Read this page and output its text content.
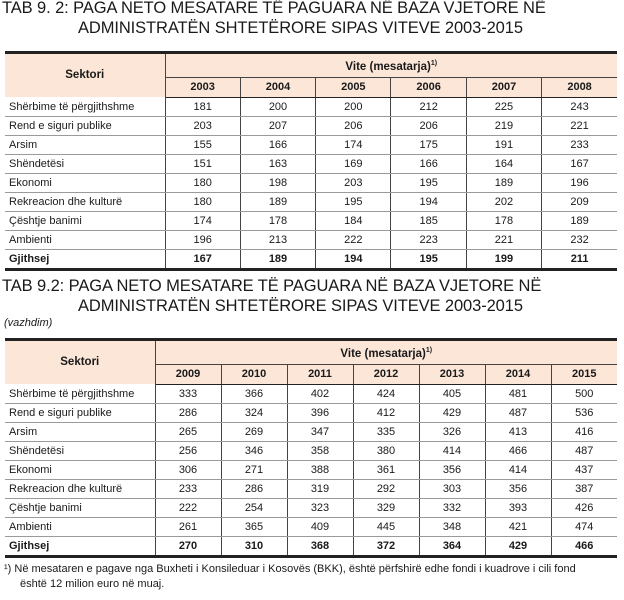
TAB 9. 2: PAGA NETO MESATARE TË PAGUARA NË BAZA VJETORE NË
ADMINISTRATËN SHTETËRORE SIPAS VITEVE 2003-2015
Sektori	Vite (mesatarja)$^{1)}$
	2003	2004	2005	2006	2007	2008
Shërbime të përgjithshme	181	200	200	212	225	243
Rend e siguri publike	203	207	206	206	219	221
Arsim	155	166	174	175	191	233
Shëndetësi	151	163	169	166	164	167
Ekonomi	180	198	203	195	189	196
Rekreacion dhe kulturë	180	189	195	194	202	209
Çështje banimi	174	178	184	185	178	189
Ambienti	196	213	222	223	221	232
Gjithsej	167	189	194	195	199	211
TAB 9.2: PAGA NETO MESATARE TË PAGUARA NË BAZA VJETORE NË
ADMINISTRATËN SHTETËRORE SIPAS VITEVE 2003-2015
(vazhdim)
Sektori	Vite (mesatarja)$^{1)}$
	2009	2010	2011	2012	2013	2014	2015
Shërbime të përgjithshme	333	366	402	424	405	481	500
Rend e siguri publike	286	324	396	412	429	487	536
Arsim	265	269	347	335	326	413	416
Shëndetësi	256	346	358	380	414	466	487
Ekonomi	306	271	388	361	356	414	437
Rekreacion dhe kulturë	233	286	319	292	303	356	387
Çështje banimi	222	254	323	329	332	393	426
Ambienti	261	365	409	445	348	421	474
Gjithsej	270	310	368	372	364	429	466
¹) Në mesataren e pagave nga Buxheti i Konsileduar i Kosovës (BKK), është përfshirë edhe fondi i kuadrove i cili fond
është 12 milion euro në muaj.
